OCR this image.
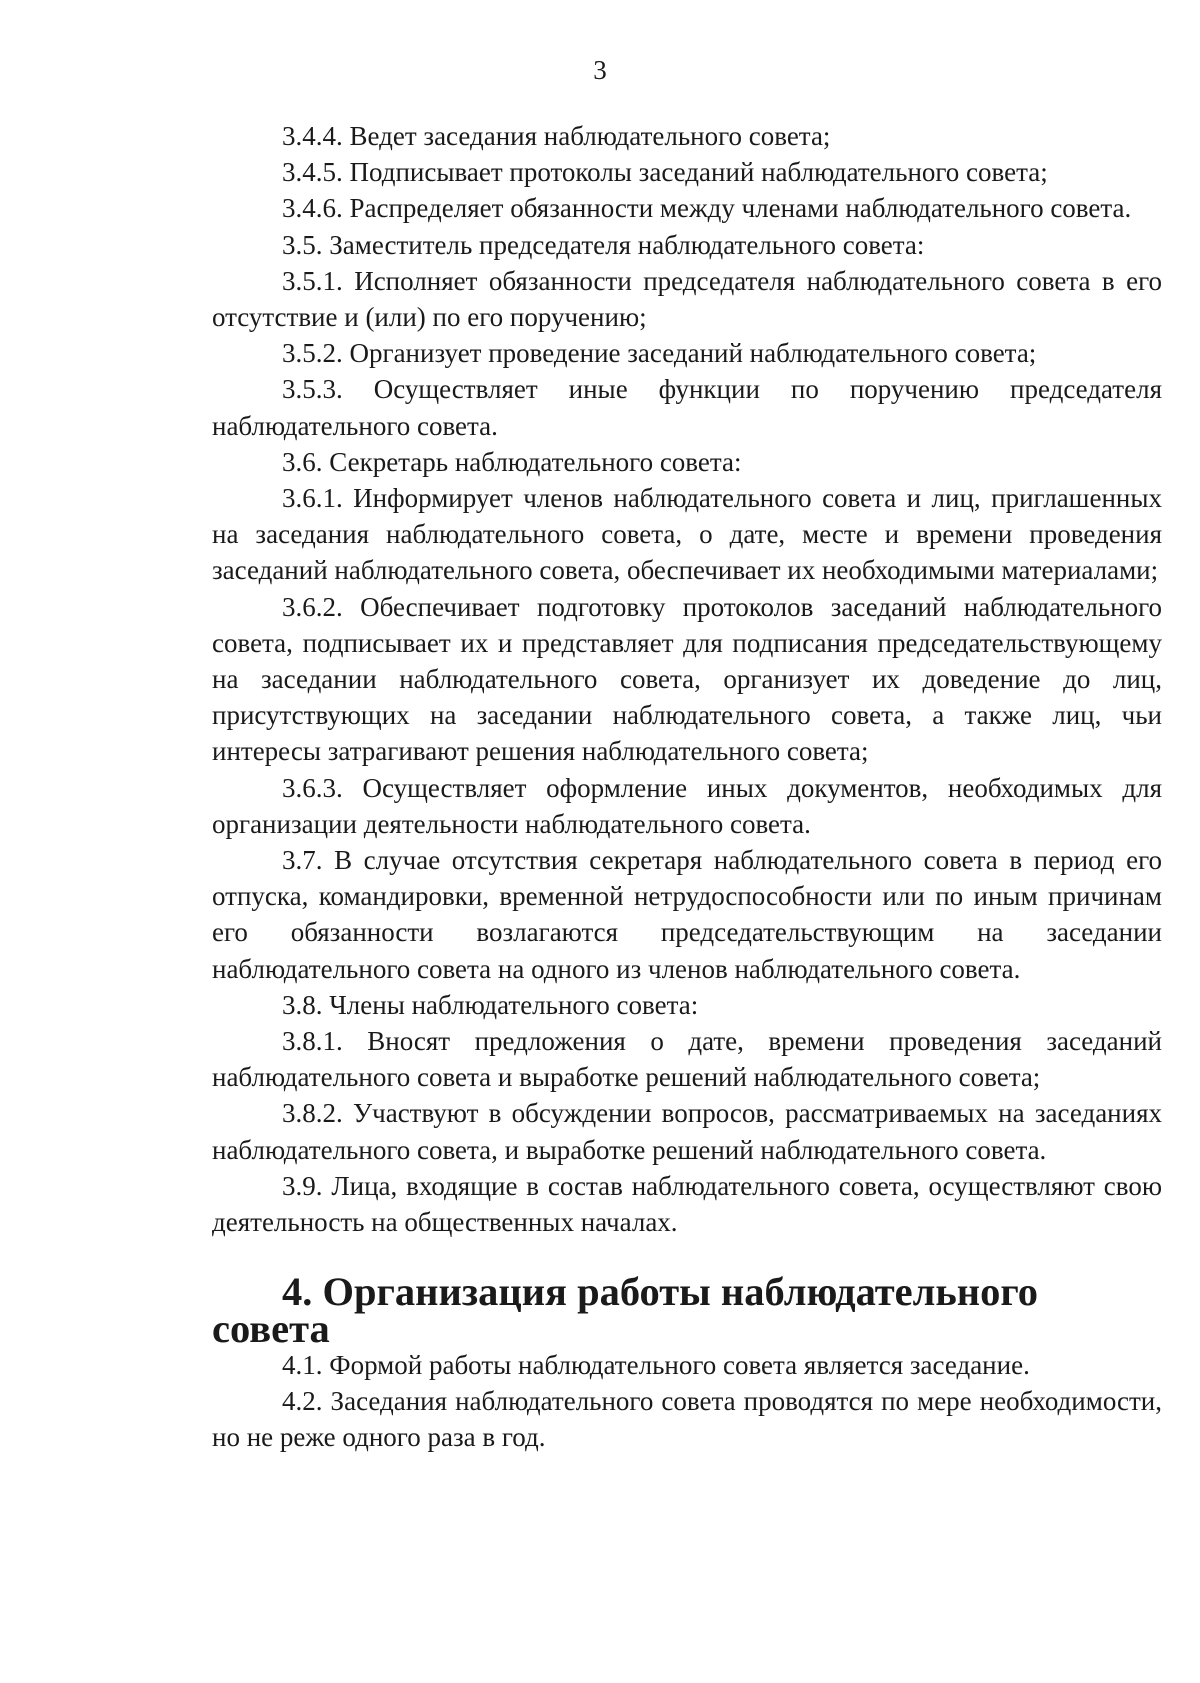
3

3.4.4. Ведет заседания наблюдательного совета;

3.4.5. Подписывает протоколы заседаний наблюдательного совета;

3.4.6. Распределяет обязанности между членами наблюдательного совета.

3.5. Заместитель председателя наблюдательного совета:

3.5.1. Исполняет обязанности председателя наблюдательного совета в его отсутствие и (или) по его поручению;

3.5.2. Организует проведение заседаний наблюдательного совета;

3.5.3. Осуществляет иные функции по поручению председателя наблюдательного совета.

3.6. Секретарь наблюдательного совета:

3.6.1. Информирует членов наблюдательного совета и лиц, приглашенных на заседания наблюдательного совета, о дате, месте и времени проведения заседаний наблюдательного совета, обеспечивает их необходимыми материалами;

3.6.2. Обеспечивает подготовку протоколов заседаний наблюдательного совета, подписывает их и представляет для подписания председательствующему на заседании наблюдательного совета, организует их доведение до лиц, присутствующих на заседании наблюдательного совета, а также лиц, чьи интересы затрагивают решения наблюдательного совета;

3.6.3. Осуществляет оформление иных документов, необходимых для организации деятельности наблюдательного совета.

3.7. В случае отсутствия секретаря наблюдательного совета в период его отпуска, командировки, временной нетрудоспособности или по иным причинам его обязанности возлагаются председательствующим на заседании наблюдательного совета на одного из членов наблюдательного совета.

3.8. Члены наблюдательного совета:

3.8.1. Вносят предложения о дате, времени проведения заседаний наблюдательного совета и выработке решений наблюдательного совета;

3.8.2. Участвуют в обсуждении вопросов, рассматриваемых на заседаниях наблюдательного совета, и выработке решений наблюдательного совета.

3.9. Лица, входящие в состав наблюдательного совета, осуществляют свою деятельность на общественных началах.

4. Организация работы наблюдательного совета

4.1. Формой работы наблюдательного совета является заседание.

4.2. Заседания наблюдательного совета проводятся по мере необходимости, но не реже одного раза в год.
